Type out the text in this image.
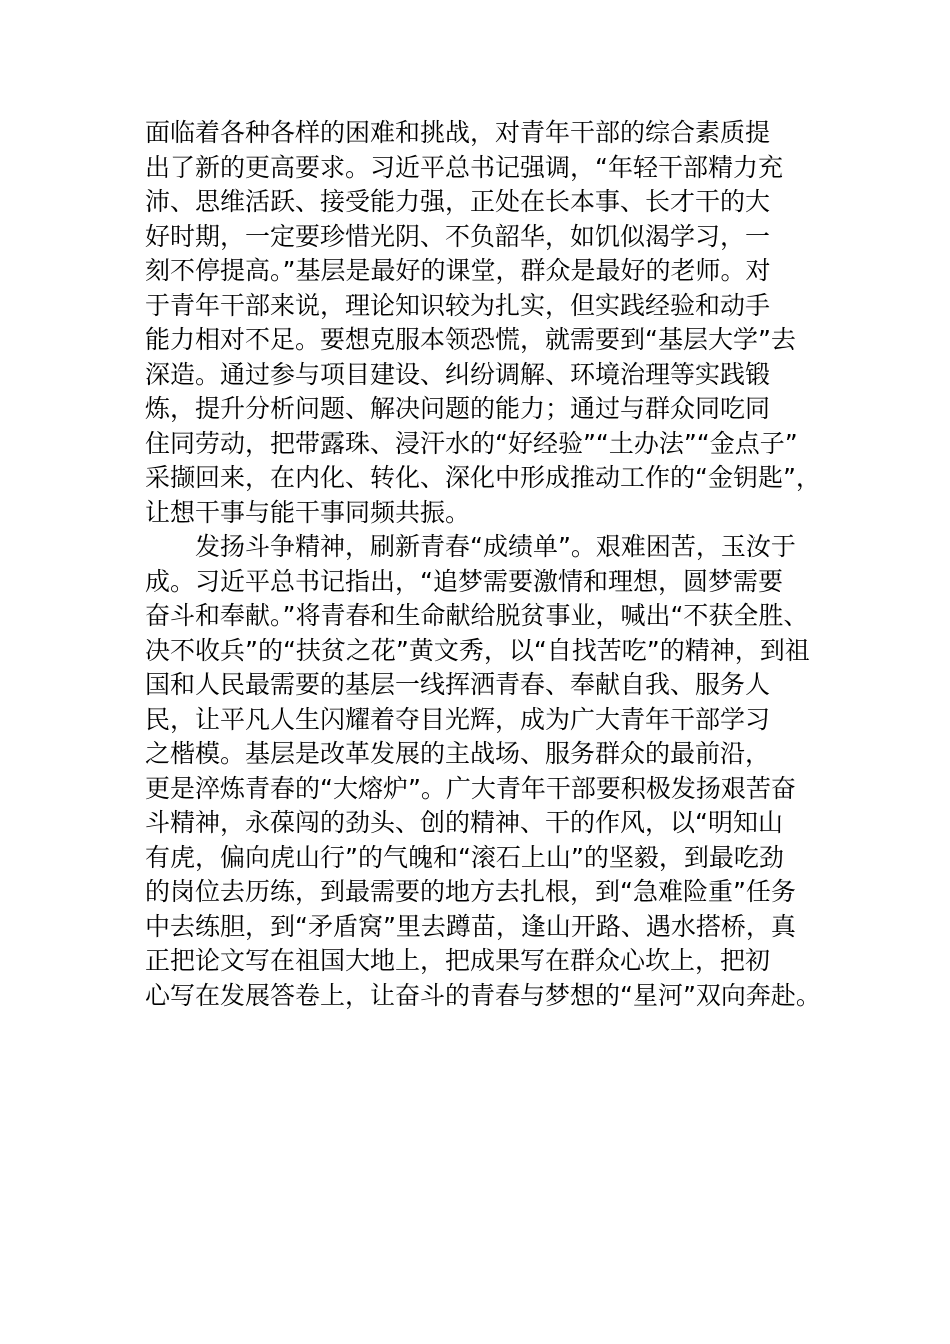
面临着各种各样的困难和挑战，对青年干部的综合素质提
出了新的更高要求。习近平总书记强调，“年轻干部精力充
沛、思维活跃、接受能力强，正处在长本事、长才干的大
好时期，一定要珍惜光阴、不负韶华，如饥似渴学习，一
刻不停提高。”基层是最好的课堂，群众是最好的老师。对
于青年干部来说，理论知识较为扎实，但实践经验和动手
能力相对不足。要想克服本领恐慌，就需要到“基层大学”去
深造。通过参与项目建设、纠纷调解、环境治理等实践锻
炼，提升分析问题、解决问题的能力；通过与群众同吃同
住同劳动，把带露珠、浸汗水的“好经验”“土办法”“金点子”
采撷回来，在内化、转化、深化中形成推动工作的“金钥匙”，
让想干事与能干事同频共振。
发扬斗争精神，刷新青春“成绩单”。艰难困苦，玉汝于
成。习近平总书记指出，“追梦需要激情和理想，圆梦需要
奋斗和奉献。”将青春和生命献给脱贫事业，喊出“不获全胜、
决不收兵”的“扶贫之花”黄文秀，以“自找苦吃”的精神，到祖
国和人民最需要的基层一线挥洒青春、奉献自我、服务人
民，让平凡人生闪耀着夺目光辉，成为广大青年干部学习
之楷模。基层是改革发展的主战场、服务群众的最前沿，
更是淬炼青春的“大熔炉”。广大青年干部要积极发扬艰苦奋
斗精神，永葆闯的劲头、创的精神、干的作风，以“明知山
有虎，偏向虎山行”的气魄和“滚石上山”的坚毅，到最吃劲
的岗位去历练，到最需要的地方去扎根，到“急难险重”任务
中去练胆，到“矛盾窝”里去蹲苗，逢山开路、遇水搭桥，真
正把论文写在祖国大地上，把成果写在群众心坎上，把初
心写在发展答卷上，让奋斗的青春与梦想的“星河”双向奔赴。
